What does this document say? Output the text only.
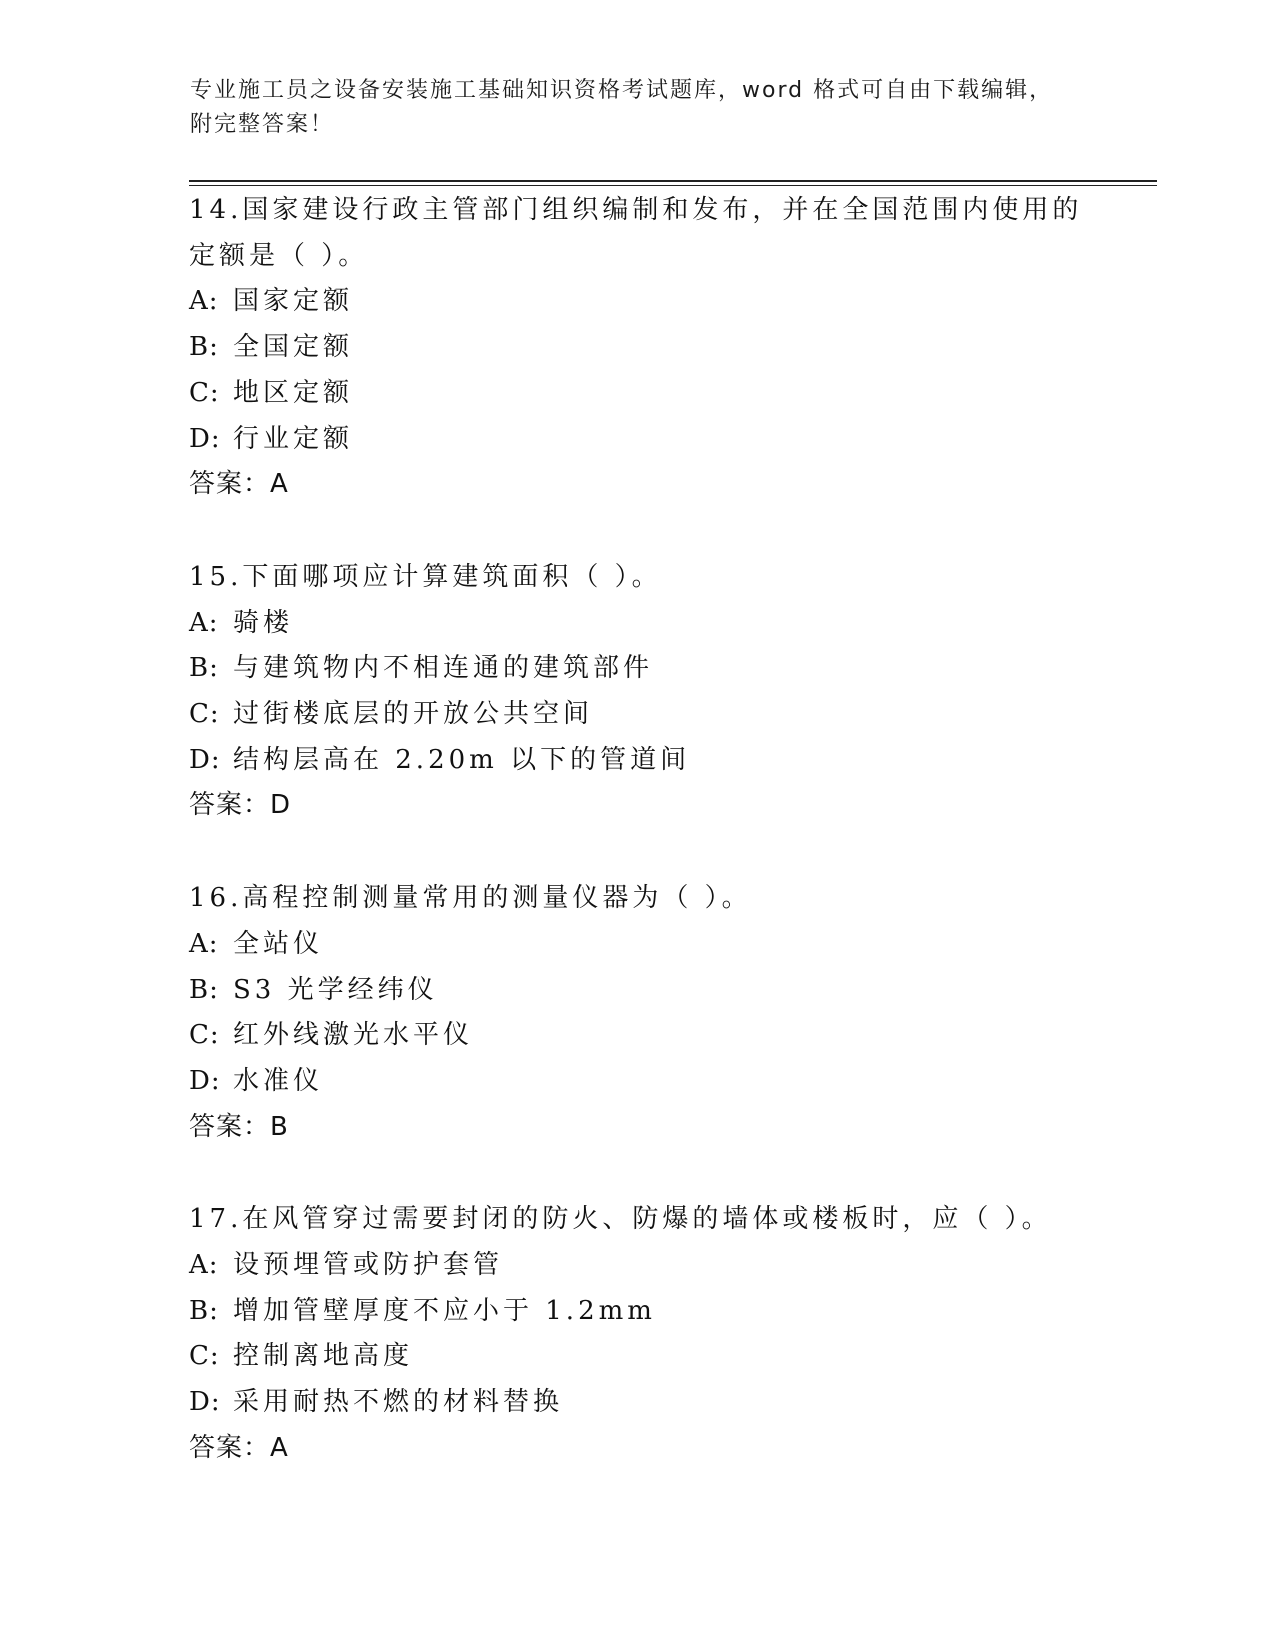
专业施工员之设备安装施工基础知识资格考试题库，word 格式可自由下载编辑，
附完整答案！
14.国家建设行政主管部门组织编制和发布，并在全国范围内使用的定额是（ ）。
A: 国家定额
B: 全国定额
C: 地区定额
D: 行业定额
答案：A
15.下面哪项应计算建筑面积（ ）。
A: 骑楼
B: 与建筑物内不相连通的建筑部件
C: 过街楼底层的开放公共空间
D: 结构层高在 2.20m 以下的管道间
答案：D
16.高程控制测量常用的测量仪器为（ ）。
A: 全站仪
B: S3 光学经纬仪
C: 红外线激光水平仪
D: 水准仪
答案：B
17.在风管穿过需要封闭的防火、防爆的墙体或楼板时，应（ ）。
A: 设预埋管或防护套管
B: 增加管壁厚度不应小于 1.2mm
C: 控制离地高度
D: 采用耐热不燃的材料替换
答案：A
